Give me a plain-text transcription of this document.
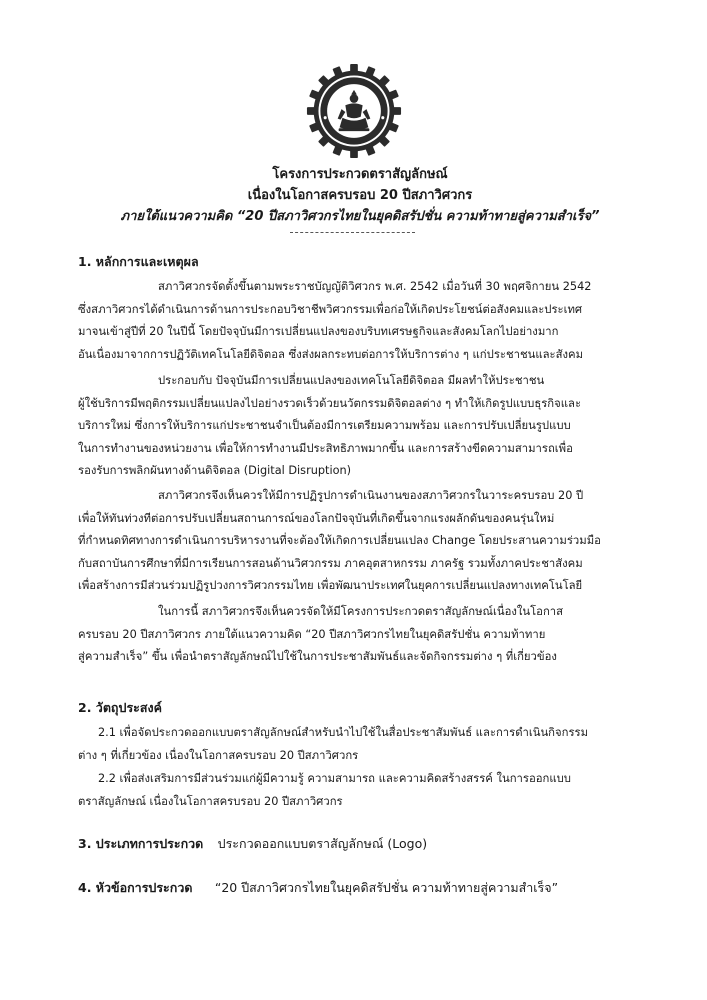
โครงการประกวดตราสัญลักษณ์
เนื่องในโอกาสครบรอบ 20 ปีสภาวิศวกร
ภายใต้แนวความคิด “20 ปีสภาวิศวกรไทยในยุคดิสรัปชั่น ความท้าทายสู่ความสำเร็จ”
1. หลักการและเหตุผล
สภาวิศวกรจัดตั้งขึ้นตามพระราชบัญญัติวิศวกร พ.ศ. 2542 เมื่อวันที่ 30 พฤศจิกายน 2542
ซึ่งสภาวิศวกรได้ดำเนินการด้านการประกอบวิชาชีพวิศวกรรมเพื่อก่อให้เกิดประโยชน์ต่อสังคมและประเทศ
มาจนเข้าสู่ปีที่ 20 ในปีนี้ โดยปัจจุบันมีการเปลี่ยนแปลงของบริบทเศรษฐกิจและสังคมโลกไปอย่างมาก
อันเนื่องมาจากการปฏิวัติเทคโนโลยีดิจิตอล ซึ่งส่งผลกระทบต่อการให้บริการต่าง ๆ แก่ประชาชนและสังคม
ประกอบกับ ปัจจุบันมีการเปลี่ยนแปลงของเทคโนโลยีดิจิตอล มีผลทำให้ประชาชน
ผู้ใช้บริการมีพฤติกรรมเปลี่ยนแปลงไปอย่างรวดเร็วด้วยนวัตกรรมดิจิตอลต่าง ๆ ทำให้เกิดรูปแบบธุรกิจและ
บริการใหม่ ซึ่งการให้บริการแก่ประชาชนจำเป็นต้องมีการเตรียมความพร้อม และการปรับเปลี่ยนรูปแบบ
ในการทำงานของหน่วยงาน เพื่อให้การทำงานมีประสิทธิภาพมากขึ้น และการสร้างขีดความสามารถเพื่อ
รองรับการพลิกผันทางด้านดิจิตอล (Digital Disruption)
สภาวิศวกรจึงเห็นควรให้มีการปฏิรูปการดำเนินงานของสภาวิศวกรในวาระครบรอบ 20 ปี
เพื่อให้ทันท่วงทีต่อการปรับเปลี่ยนสถานการณ์ของโลกปัจจุบันที่เกิดขึ้นจากแรงผลักดันของคนรุ่นใหม่
ที่กำหนดทิศทางการดำเนินการบริหารงานที่จะต้องให้เกิดการเปลี่ยนแปลง Change โดยประสานความร่วมมือ
กับสถาบันการศึกษาที่มีการเรียนการสอนด้านวิศวกรรม ภาคอุตสาหกรรม ภาครัฐ รวมทั้งภาคประชาสังคม
เพื่อสร้างการมีส่วนร่วมปฏิรูปวงการวิศวกรรมไทย เพื่อพัฒนาประเทศในยุคการเปลี่ยนแปลงทางเทคโนโลยี
ในการนี้ สภาวิศวกรจึงเห็นควรจัดให้มีโครงการประกวดตราสัญลักษณ์เนื่องในโอกาส
ครบรอบ 20 ปีสภาวิศวกร ภายใต้แนวความคิด “20 ปีสภาวิศวกรไทยในยุคดิสรัปชั่น ความท้าทาย
สู่ความสำเร็จ” ขึ้น เพื่อนำตราสัญลักษณ์ไปใช้ในการประชาสัมพันธ์และจัดกิจกรรมต่าง ๆ ที่เกี่ยวข้อง
2. วัตถุประสงค์
2.1 เพื่อจัดประกวดออกแบบตราสัญลักษณ์สำหรับนำไปใช้ในสื่อประชาสัมพันธ์ และการดำเนินกิจกรรม
ต่าง ๆ ที่เกี่ยวข้อง เนื่องในโอกาสครบรอบ 20 ปีสภาวิศวกร
2.2 เพื่อส่งเสริมการมีส่วนร่วมแก่ผู้มีความรู้ ความสามารถ และความคิดสร้างสรรค์ ในการออกแบบ
ตราสัญลักษณ์ เนื่องในโอกาสครบรอบ 20 ปีสภาวิศวกร
3. ประเภทการประกวด ประกวดออกแบบตราสัญลักษณ์ (Logo)
4. หัวข้อการประกวด “20 ปีสภาวิศวกรไทยในยุคดิสรัปชั่น ความท้าทายสู่ความสำเร็จ”
